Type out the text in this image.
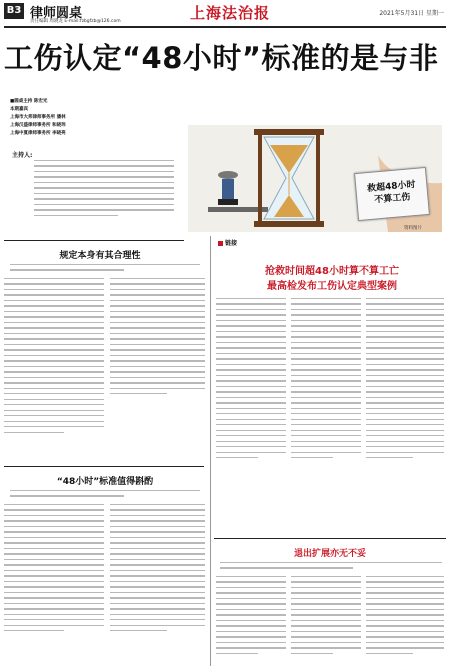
B3 律师圆桌
责任编辑 周晓龙 E-mail:fzbgfzb@126.com	上海法治报	2021年5月31日 星期一
工伤认定“48小时”标准的是与非
■圆桌主持 陈宏光
本期嘉宾
上海市大邦律师事务所 潘林
上海汉盛律师事务所 和晓玮
上海中夏律师事务所 李晓亮
主持人:
救超48小时
不算工伤
资料图片
规定本身有其合理性
链接
抢救时间超48小时算不算工亡
最高检发布工伤认定典型案例
“48小时”标准值得斟酌
退出扩展亦无不妥
